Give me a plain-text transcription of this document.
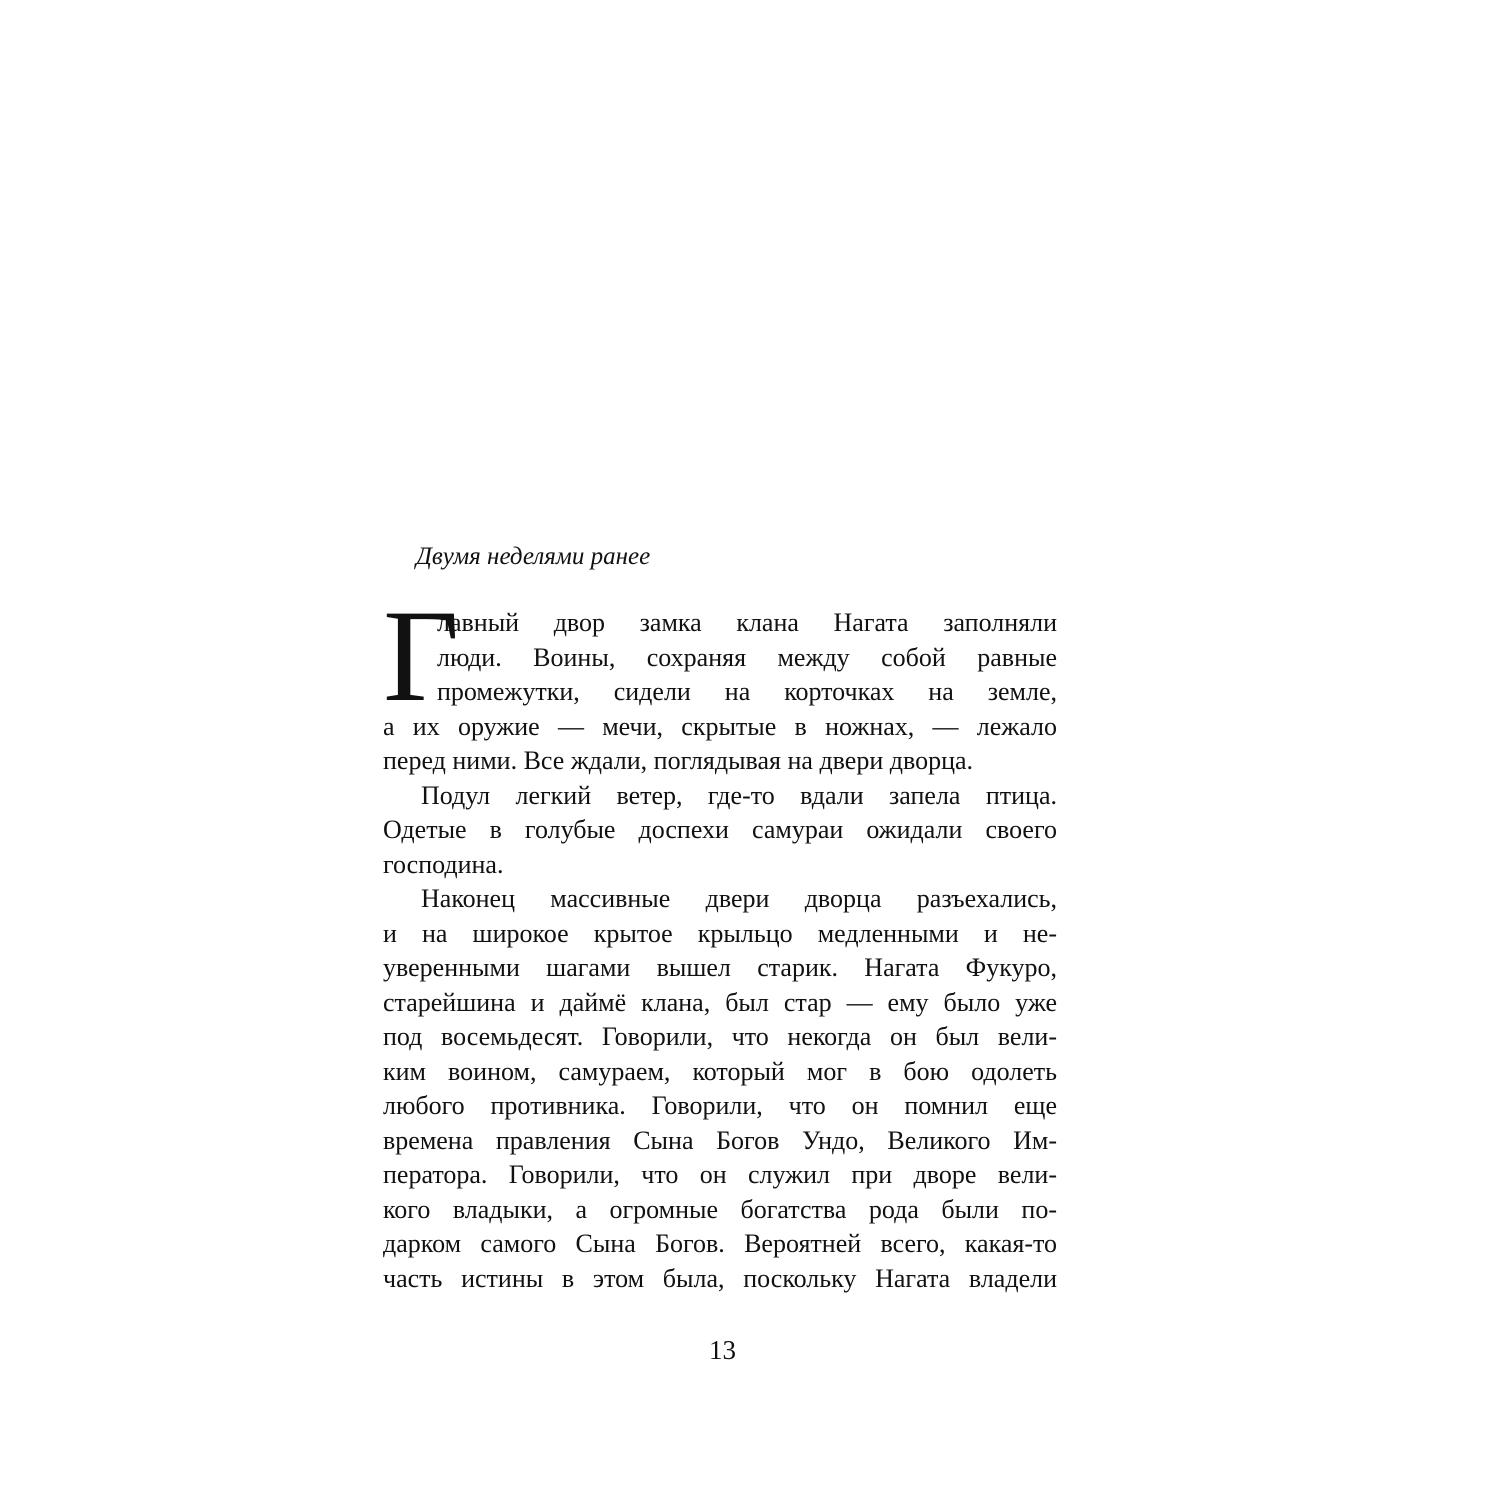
Двумя неделями ранее
Г
лавный двор замка клана Нагата заполняли
люди. Воины, сохраняя между собой равные
промежутки, сидели на корточках на земле,
а их оружие — мечи, скрытые в ножнах, — лежало
перед ними. Все ждали, поглядывая на двери дворца.
Подул легкий ветер, где-то вдали запела птица.
Одетые в голубые доспехи самураи ожидали своего
господина.
Наконец массивные двери дворца разъехались,
и на широкое крытое крыльцо медленными и не-
уверенными шагами вышел старик. Нагата Фукуро,
старейшина и даймё клана, был стар — ему было уже
под восемьдесят. Говорили, что некогда он был вели-
ким воином, самураем, который мог в бою одолеть
любого противника. Говорили, что он помнил еще
времена правления Сына Богов Ундо, Великого Им-
ператора. Говорили, что он служил при дворе вели-
кого владыки, а огромные богатства рода были по-
дарком самого Сына Богов. Вероятней всего, какая-то
часть истины в этом была, поскольку Нагата владели
13
